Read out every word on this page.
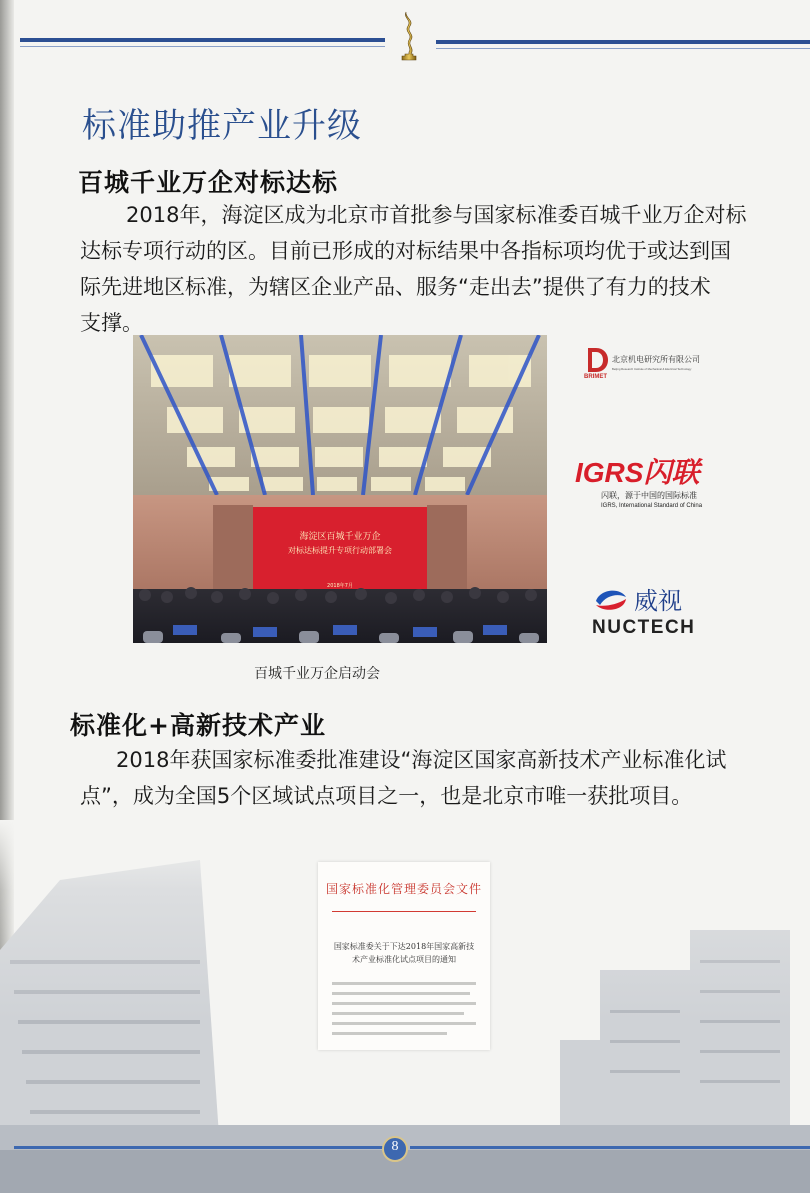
标准助推产业升级
百城千业万企对标达标
2018年，海淀区成为北京市首批参与国家标准委百城千业万企对标
达标专项行动的区。目前已形成的对标结果中各指标项均优于或达到国
际先进地区标准，为辖区企业产品、服务“走出去”提供了有力的技术
支撑。
海淀区百城千业万企
对标达标提升专项行动部署会
2018年7月
百城千业万企启动会
BRIMET
北京机电研究所有限公司
Beijing Research Institute of Mechanical & Electrical Technology
IGRS闪联
闪联，源于中国的国际标准
IGRS, International Standard of China
威视
NUCTECH
标准化+高新技术产业
2018年获国家标准委批准建设“海淀区国家高新技术产业标准化试
点”，成为全国5个区域试点项目之一，也是北京市唯一获批项目。
国家标准化管理委员会文件
国家标准委关于下达2018年国家高新技术产业标准化试点项目的通知
8
